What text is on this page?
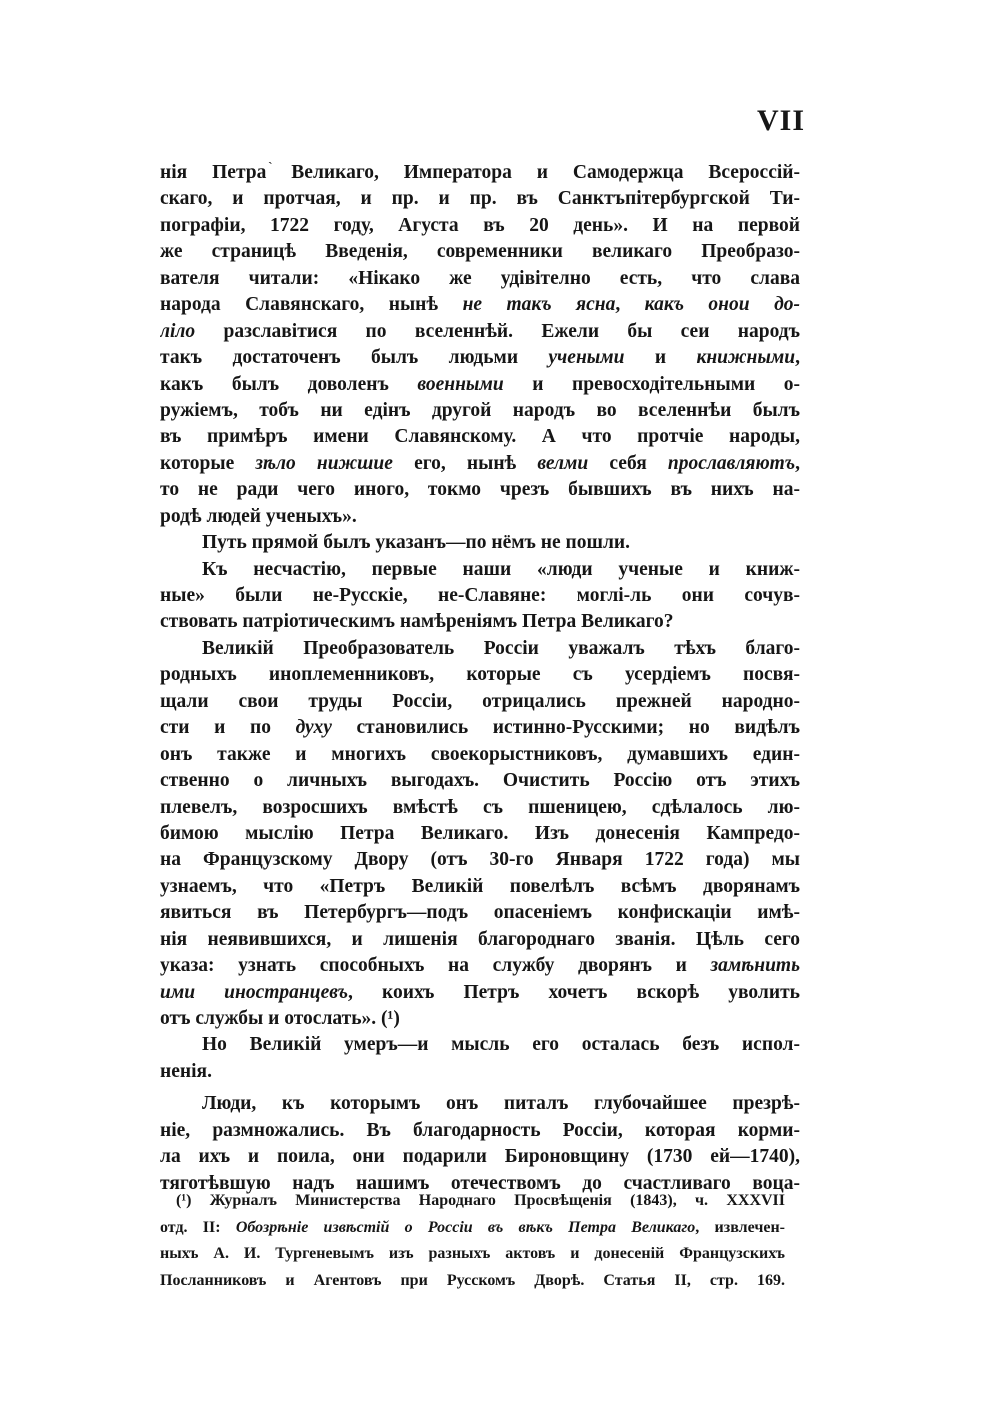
ˎ
VII
нія Петра Великаго, Императора и Самодержца Всероссій-
скаго, и протчая, и пр. и пр. въ Санктъпітербургской Ти-
пографіи, 1722 году, Агуста въ 20 день». И на первой
же страницѣ Введенія, современники великаго Преобразо-
вателя читали: «Нікако же удівітелно есть, что слава
народа Славянскаго, нынѣ не такъ ясна, какъ онои до-
ліло разславітися по вселеннѣй. Ежели бы сеи народъ
такъ достаточенъ былъ людьми учеными и книжными,
какъ былъ доволенъ военными и превосходітельными о-
ружіемъ, тобъ ни едінъ другой народъ во вселеннѣи былъ
въ примѣръ имени Славянскому. А что протчіе народы,
которые зѣло нижшие его, нынѣ велми себя прославляютъ,
то не ради чего иного, токмо чрезъ бывшихъ въ нихъ на-
родѣ людей ученыхъ».
Путь прямой былъ указанъ—по нёмъ не пошли.
Къ несчастію, первые наши «люди ученые и книж-
ные» были не-Русскіе, не-Славяне: моглі-ль они сочув-
ствовать патріотическимъ намѣреніямъ Петра Великаго?
Великій Преобразователь Россіи уважалъ тѣхъ благо-
родныхъ иноплеменниковъ, которые съ усердіемъ посвя-
щали свои труды Россіи, отрицались прежней народно-
сти и по духу становились истинно-Русскими; но видѣлъ
онъ также и многихъ своекорыстниковъ, думавшихъ един-
ственно о личныхъ выгодахъ. Очистить Россію отъ этихъ
плевелъ, возросшихъ вмѣстѣ съ пшеницею, сдѣлалось лю-
бимою мыслію Петра Великаго. Изъ донесенія Кампредо-
на Французскому Двору (отъ 30-го Января 1722 года) мы
узнаемъ, что «Петръ Великій повелѣлъ всѣмъ дворянамъ
явиться въ Петербургъ—подъ опасеніемъ конфискаціи имѣ-
нія неявившихся, и лишенія благороднаго званія. Цѣль сего
указа: узнать способныхъ на службу дворянъ и замѣнить
ими иностранцевъ, коихъ Петръ хочетъ вскорѣ уволить
отъ службы и отослать». (¹)
Но Великій умеръ—и мысль его осталась безъ испол-
ненія.
Люди, къ которымъ онъ питалъ глубочайшее презрѣ-
ніе, размножались. Въ благодарность Россіи, которая корми-
ла ихъ и поила, они подарили Бироновщину (1730 ей—1740),
тяготѣвшую надъ нашимъ отечествомъ до счастливаго воца-
(¹) Журналъ Министерства Народнаго Просвѣщенія (1843), ч. XXXVII
отд. II: Обозрѣніе извѣстій о Россіи въ вѣкъ Петра Великаго, извлечен-
ныхъ А. И. Тургеневымъ изъ разныхъ актовъ и донесеній Французскихъ
Посланниковъ и Агентовъ при Русскомъ Дворѣ. Статья II, стр. 169.
